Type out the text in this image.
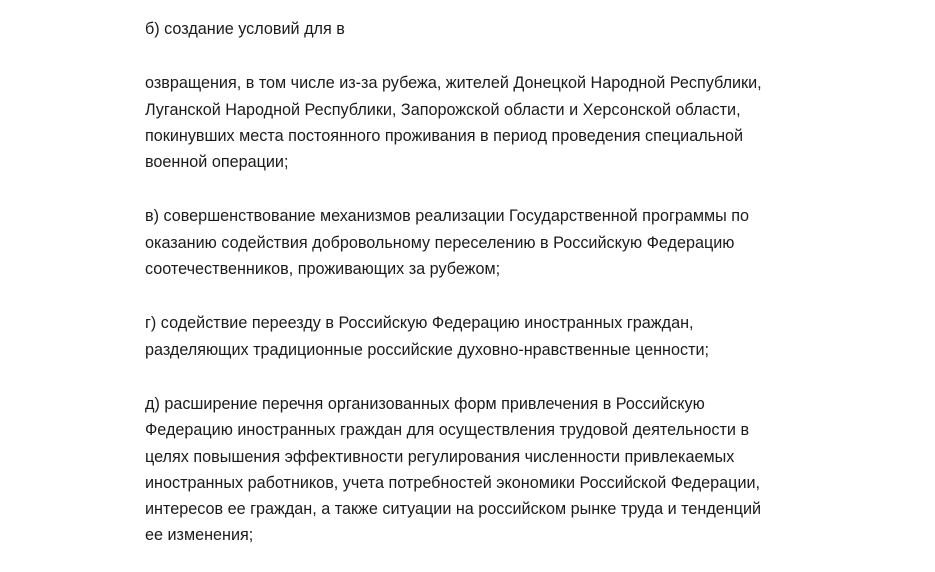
б) создание условий для в

озвращения, в том числе из-за рубежа, жителей Донецкой Народной Республики,
Луганской Народной Республики, Запорожской области и Херсонской области,
покинувших места постоянного проживания в период проведения специальной
военной операции;

в) совершенствование механизмов реализации Государственной программы по
оказанию содействия добровольному переселению в Российскую Федерацию
соотечественников, проживающих за рубежом;

г) содействие переезду в Российскую Федерацию иностранных граждан,
разделяющих традиционные российские духовно-нравственные ценности;

д) расширение перечня организованных форм привлечения в Российскую
Федерацию иностранных граждан для осуществления трудовой деятельности в
целях повышения эффективности регулирования численности привлекаемых
иностранных работников, учета потребностей экономики Российской Федерации,
интересов ее граждан, а также ситуации на российском рынке труда и тенденций
ее изменения;
